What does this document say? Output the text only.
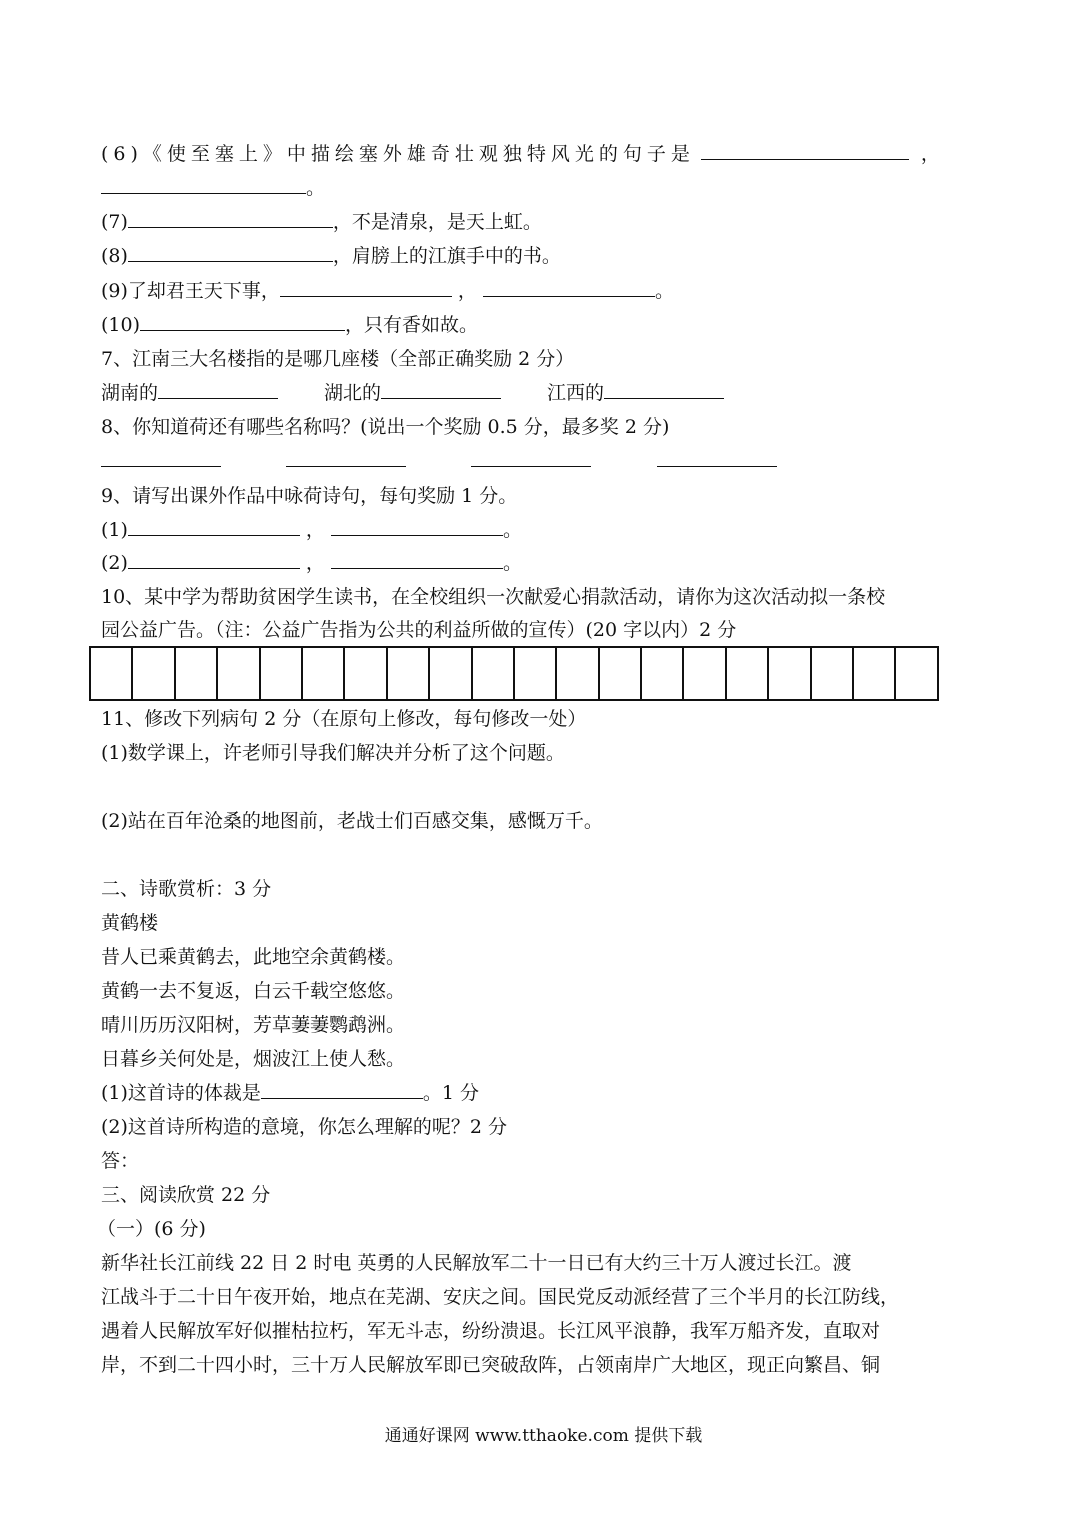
(6)《使至塞上》中描绘塞外雄奇壮观独特风光的句子是	，
。
(7)	，不是清泉，是天上虹。
(8)	，肩膀上的江旗手中的书。
(9)了却君王天下事，	，	。
(10)	，只有香如故。
7、江南三大名楼指的是哪几座楼（全部正确奖励 2 分）
湖南的	湖北的	江西的
8、你知道荷还有哪些名称吗？(说出一个奖励 0.5 分，最多奖 2 分)
9、请写出课外作品中咏荷诗句，每句奖励 1 分。
(1)	，	。
(2)	，	。
10、某中学为帮助贫困学生读书，在全校组织一次献爱心捐款活动，请你为这次活动拟一条校
园公益广告。（注：公益广告指为公共的利益所做的宣传）(20 字以内）2 分
11、修改下列病句 2 分（在原句上修改，每句修改一处）
(1)数学课上，许老师引导我们解决并分析了这个问题。
(2)站在百年沧桑的地图前，老战士们百感交集，感慨万千。
二、诗歌赏析：3 分
黄鹤楼
昔人已乘黄鹤去，此地空余黄鹤楼。
黄鹤一去不复返，白云千载空悠悠。
晴川历历汉阳树，芳草萋萋鹦鹉洲。
日暮乡关何处是，烟波江上使人愁。
(1)这首诗的体裁是	。1 分
(2)这首诗所构造的意境，你怎么理解的呢？2 分
答：
三、阅读欣赏 22 分
（一）(6 分)
新华社长江前线 22 日 2 时电 英勇的人民解放军二十一日已有大约三十万人渡过长江。渡
江战斗于二十日午夜开始，地点在芜湖、安庆之间。国民党反动派经营了三个半月的长江防线，
遇着人民解放军好似摧枯拉朽，军无斗志，纷纷溃退。长江风平浪静，我军万船齐发，直取对
岸，不到二十四小时，三十万人民解放军即已突破敌阵，占领南岸广大地区，现正向繁昌、铜
通通好课网 www.tthaoke.com 提供下载
